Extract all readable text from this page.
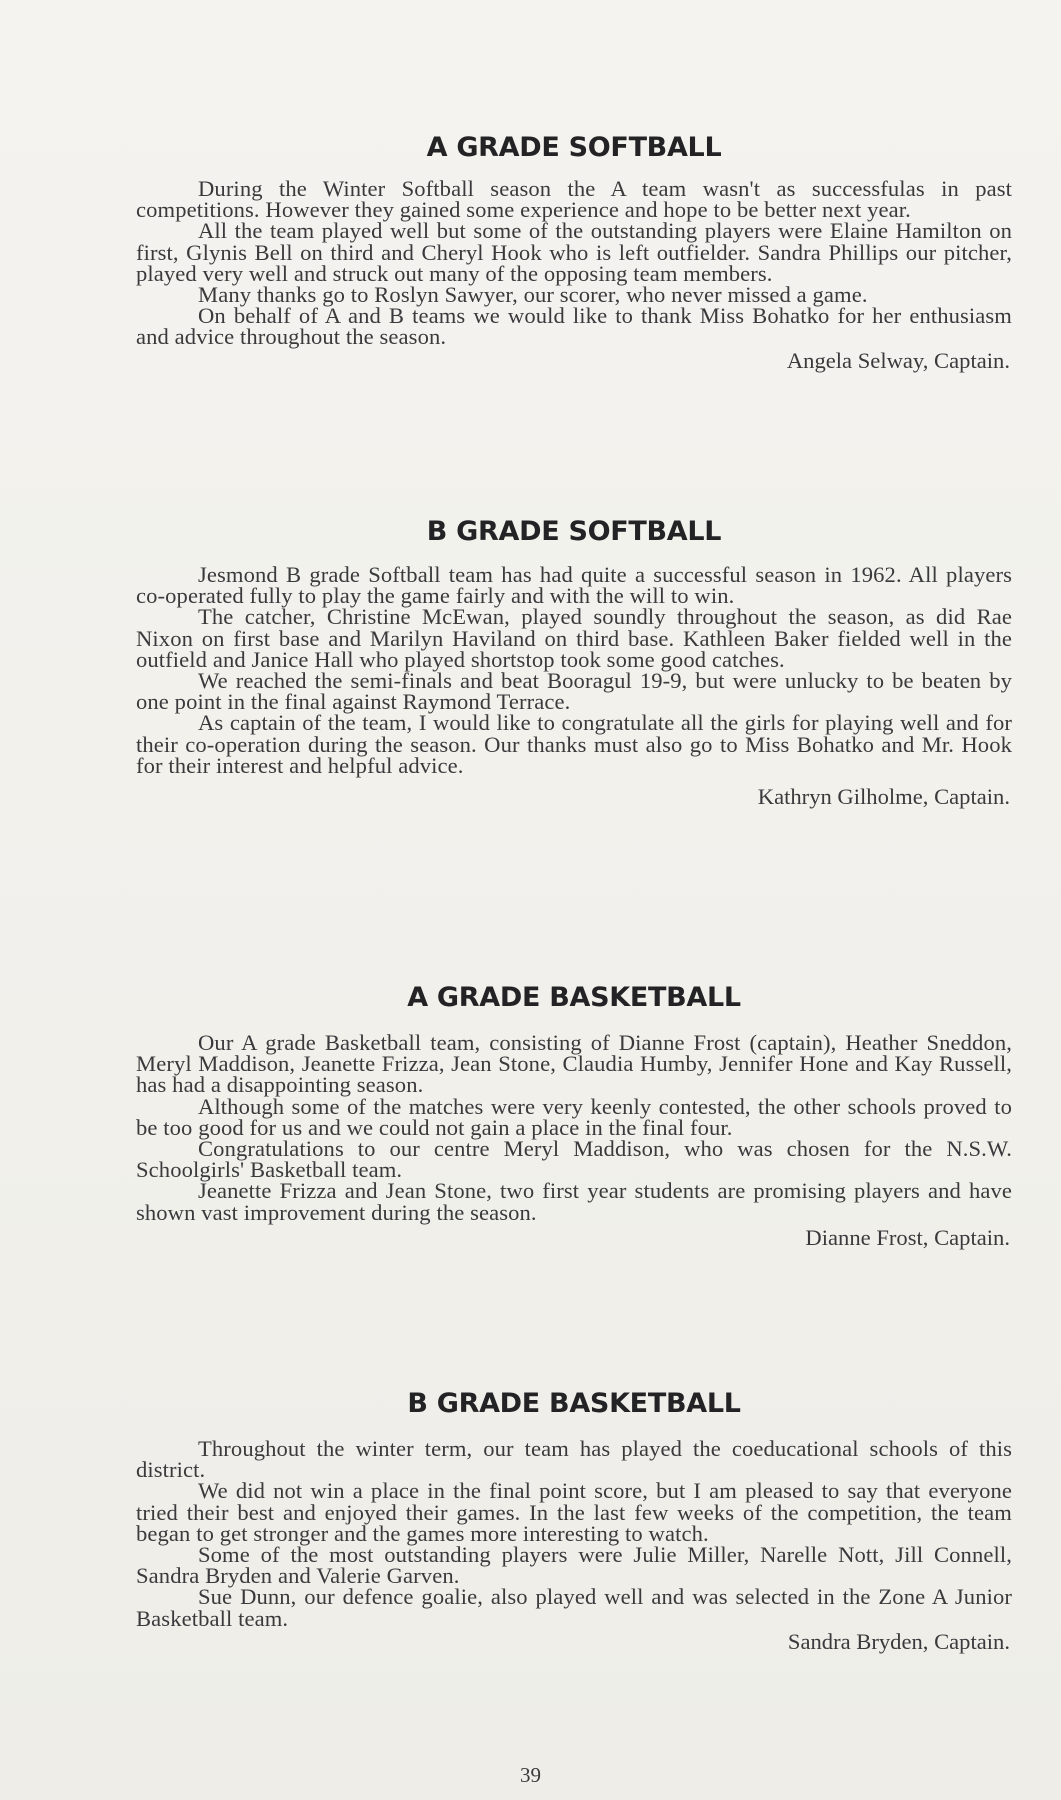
A GRADE SOFTBALL

During the Winter Softball season the A team wasn't as successfulas in past competitions. However they gained some experience and hope to be better next year.

All the team played well but some of the outstanding players were Elaine Hamilton on first, Glynis Bell on third and Cheryl Hook who is left outfielder. Sandra Phillips our pitcher, played very well and struck out many of the opposing team members.

Many thanks go to Roslyn Sawyer, our scorer, who never missed a game.

On behalf of A and B teams we would like to thank Miss Bohatko for her enthusiasm and advice throughout the season.

Angela Selway, Captain.

B GRADE SOFTBALL

Jesmond B grade Softball team has had quite a successful season in 1962. All players co-operated fully to play the game fairly and with the will to win.

The catcher, Christine McEwan, played soundly throughout the season, as did Rae Nixon on first base and Marilyn Haviland on third base. Kathleen Baker fielded well in the outfield and Janice Hall who played shortstop took some good catches.

We reached the semi-finals and beat Booragul 19-9, but were unlucky to be beaten by one point in the final against Raymond Terrace.

As captain of the team, I would like to congratulate all the girls for playing well and for their co-operation during the season. Our thanks must also go to Miss Bohatko and Mr. Hook for their interest and helpful advice.

Kathryn Gilholme, Captain.

A GRADE BASKETBALL

Our A grade Basketball team, consisting of Dianne Frost (captain), Heather Sneddon, Meryl Maddison, Jeanette Frizza, Jean Stone, Claudia Humby, Jennifer Hone and Kay Russell, has had a disappointing season.

Although some of the matches were very keenly contested, the other schools proved to be too good for us and we could not gain a place in the final four.

Congratulations to our centre Meryl Maddison, who was chosen for the N.S.W. Schoolgirls' Basketball team.

Jeanette Frizza and Jean Stone, two first year students are promising players and have shown vast improvement during the season.

Dianne Frost, Captain.

B GRADE BASKETBALL

Throughout the winter term, our team has played the coeducational schools of this district.

We did not win a place in the final point score, but I am pleased to say that everyone tried their best and enjoyed their games. In the last few weeks of the competition, the team began to get stronger and the games more interesting to watch.

Some of the most outstanding players were Julie Miller, Narelle Nott, Jill Connell, Sandra Bryden and Valerie Garven.

Sue Dunn, our defence goalie, also played well and was selected in the Zone A Junior Basketball team.

Sandra Bryden, Captain.

39
